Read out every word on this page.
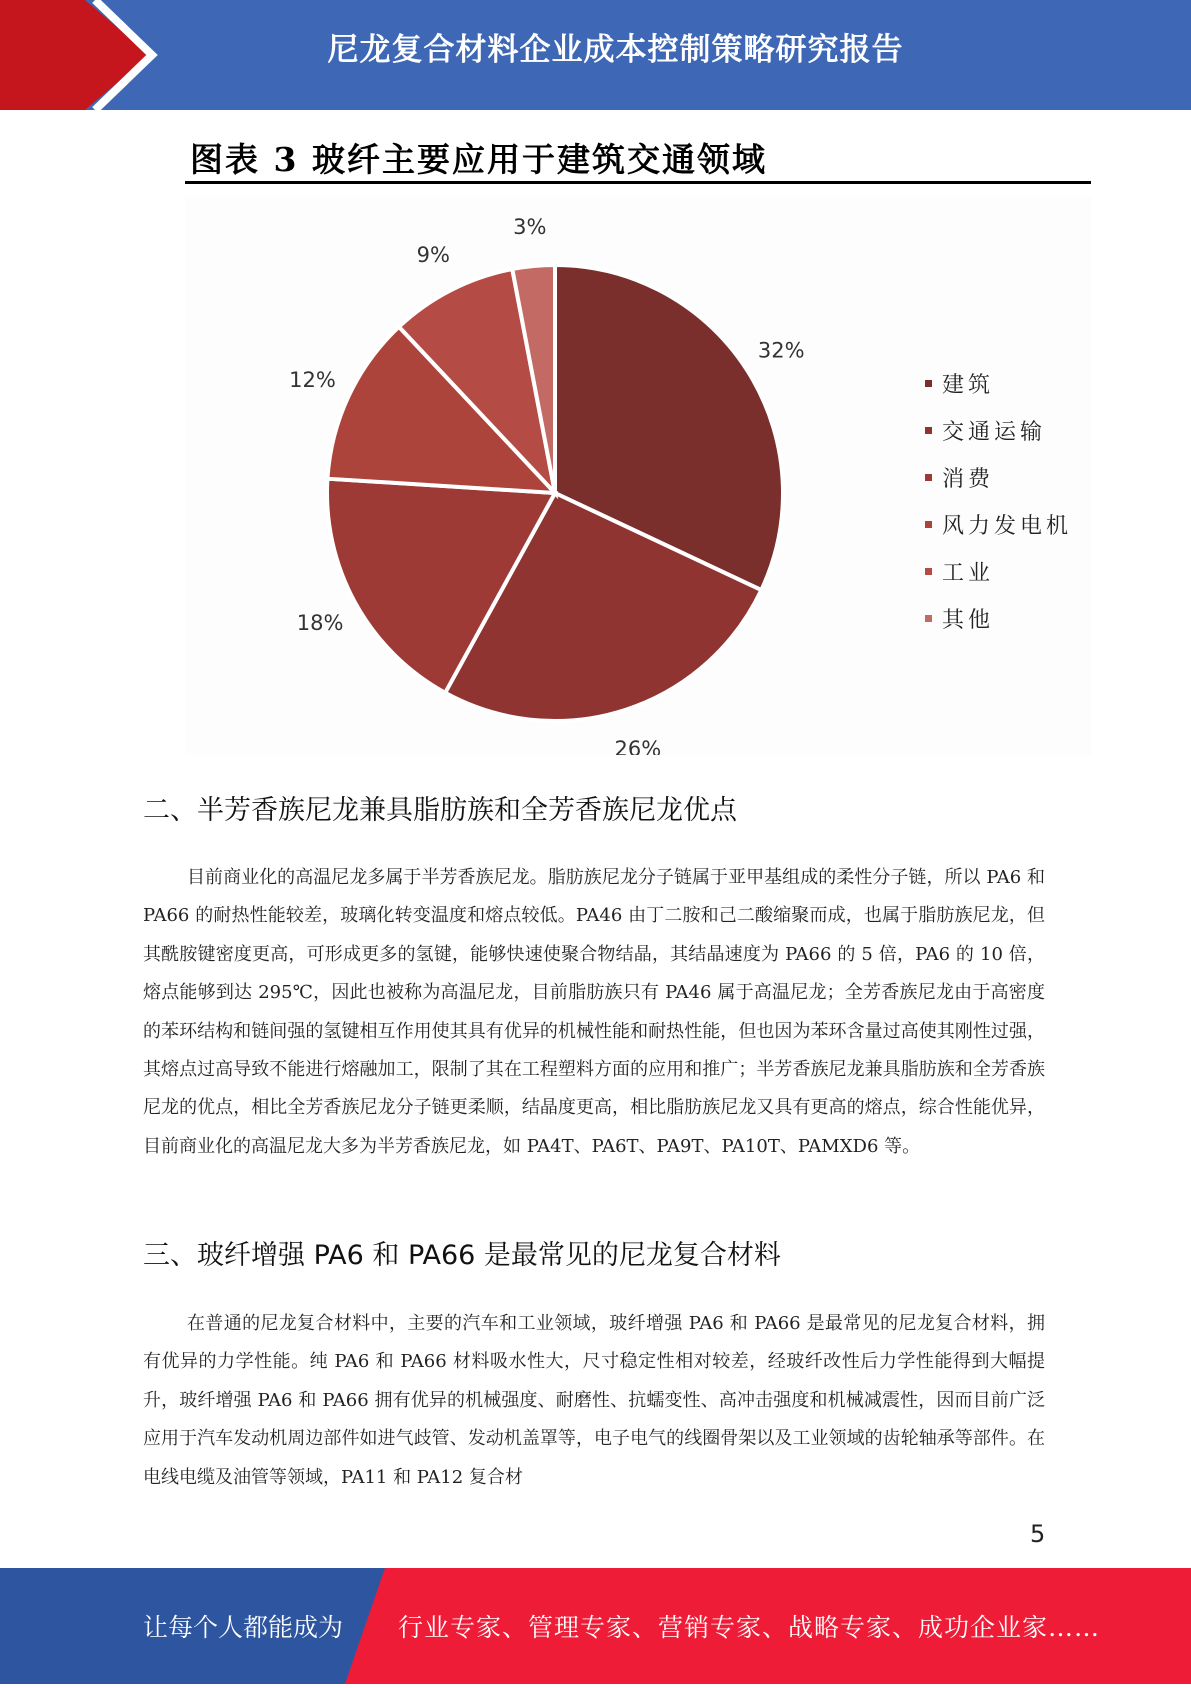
尼龙复合材料企业成本控制策略研究报告
图表 3 玻纤主要应用于建筑交通领域
32%
26%
18%
12%
9%
3%
建筑
交通运输
消费
风力发电机
工业
其他
二、半芳香族尼龙兼具脂肪族和全芳香族尼龙优点

目前商业化的高温尼龙多属于半芳香族尼龙。脂肪族尼龙分子链属于亚甲基组成的柔性分子链，所以 PA6 和 PA66 的耐热性能较差，玻璃化转变温度和熔点较低。PA46 由丁二胺和己二酸缩聚而成，也属于脂肪族尼龙，但其酰胺键密度更高，可形成更多的氢键，能够快速使聚合物结晶，其结晶速度为 PA66 的 5 倍，PA6 的 10 倍，熔点能够到达 295℃，因此也被称为高温尼龙，目前脂肪族只有 PA46 属于高温尼龙；全芳香族尼龙由于高密度的苯环结构和链间强的氢键相互作用使其具有优异的机械性能和耐热性能，但也因为苯环含量过高使其刚性过强，其熔点过高导致不能进行熔融加工，限制了其在工程塑料方面的应用和推广；半芳香族尼龙兼具脂肪族和全芳香族尼龙的优点，相比全芳香族尼龙分子链更柔顺，结晶度更高，相比脂肪族尼龙又具有更高的熔点，综合性能优异，目前商业化的高温尼龙大多为半芳香族尼龙，如 PA4T、PA6T、PA9T、PA10T、PAMXD6 等。

三、玻纤增强 PA6 和 PA66 是最常见的尼龙复合材料

在普通的尼龙复合材料中，主要的汽车和工业领域，玻纤增强 PA6 和 PA66 是最常见的尼龙复合材料，拥有优异的力学性能。纯 PA6 和 PA66 材料吸水性大，尺寸稳定性相对较差，经玻纤改性后力学性能得到大幅提升，玻纤增强 PA6 和 PA66 拥有优异的机械强度、耐磨性、抗蠕变性、高冲击强度和机械减震性，因而目前广泛应用于汽车发动机周边部件如进气歧管、发动机盖罩等，电子电气的线圈骨架以及工业领域的齿轮轴承等部件。在电线电缆及油管等领域，PA11 和 PA12 复合材

5
让每个人都能成为 行业专家、管理专家、营销专家、战略专家、成功企业家……
